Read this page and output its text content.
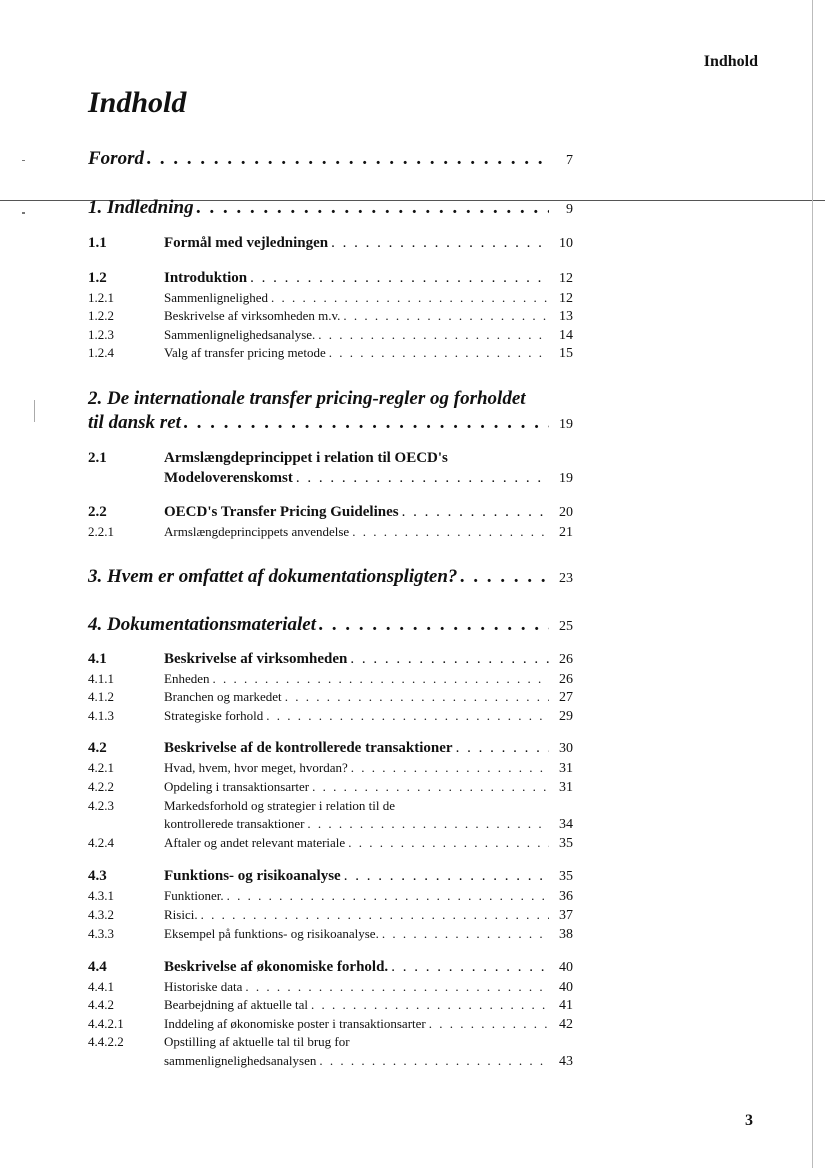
Indhold
Indhold
Forord . . .	7
1. Indledning . . .	9
1.1	Formål med vejledningen . . .	10
1.2	Introduktion . . .	12
1.2.1	Sammenlignelighed . . .	12
1.2.2	Beskrivelse af virksomheden m.v. . . .	13
1.2.3	Sammenlignelighedsanalyse. . . .	14
1.2.4	Valg af transfer pricing metode . . .	15
2. De internationale transfer pricing-regler og forholdet
til dansk ret . . .	19
2.1	Armslængdeprincippet i relation til OECD's
Modeloverenskomst . . .	19
2.2	OECD's Transfer Pricing Guidelines . . .	20
2.2.1	Armslængdeprincippets anvendelse . . .	21
3. Hvem er omfattet af dokumentationspligten? . . .	23
4. Dokumentationsmaterialet . . .	25
4.1	Beskrivelse af virksomheden . . .	26
4.1.1	Enheden . . .	26
4.1.2	Branchen og markedet . . .	27
4.1.3	Strategiske forhold . . .	29
4.2	Beskrivelse af de kontrollerede transaktioner . . .	30
4.2.1	Hvad, hvem, hvor meget, hvordan? . . .	31
4.2.2	Opdeling i transaktionsarter . . .	31
4.2.3	Markedsforhold og strategier i relation til de
kontrollerede transaktioner . . .	34
4.2.4	Aftaler og andet relevant materiale . . .	35
4.3	Funktions- og risikoanalyse . . .	35
4.3.1	Funktioner. . . .	36
4.3.2	Risici. . . .	37
4.3.3	Eksempel på funktions- og risikoanalyse. . . .	38
4.4	Beskrivelse af økonomiske forhold. . . .	40
4.4.1	Historiske data . . .	40
4.4.2	Bearbejdning af aktuelle tal . . .	41
4.4.2.1	Inddeling af økonomiske poster i transaktionsarter . . .	42
4.4.2.2	Opstilling af aktuelle tal til brug for
sammenlignelighedsanalysen . . .	43
3
